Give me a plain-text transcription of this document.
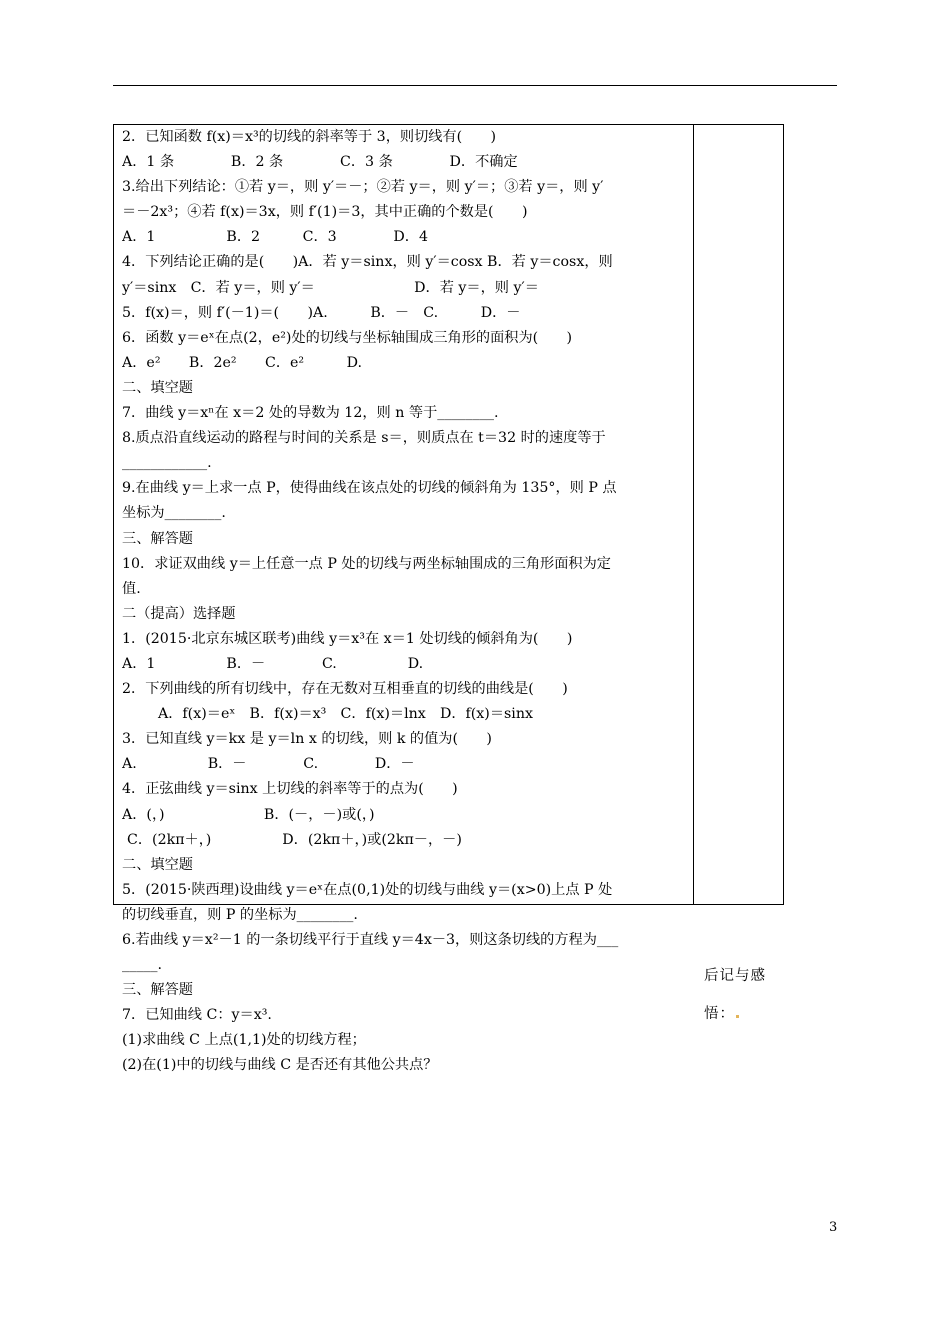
2．已知函数 f(x)＝x³的切线的斜率等于 3，则切线有(　　)
A．1 条　　　　B．2 条　　　　C．3 条　　　　D．不确定
3.给出下列结论：①若 y＝，则 y′＝－；②若 y＝，则 y′＝；③若 y＝，则 y′
＝－2x³；④若 f(x)＝3x，则 f′(1)＝3，其中正确的个数是(　　)
A．1　　　　　B．2　　　C．3　　　　D．4
4．下列结论正确的是(　　)A．若 y＝sinx，则 y′＝cosx B．若 y＝cosx，则
y′＝sinx　C．若 y＝，则 y′＝　　　　　　　D．若 y＝，则 y′＝
5．f(x)＝，则 f′(－1)＝(　　)A.　　　B．－　C.　　　D．－
6．函数 y＝eˣ在点(2，e²)处的切线与坐标轴围成三角形的面积为(　　)
A．e²　　B．2e²　　C．e²　　　D.
二、填空题
7．曲线 y＝xⁿ在 x＝2 处的导数为 12，则 n 等于________.
8.质点沿直线运动的路程与时间的关系是 s＝，则质点在 t＝32 时的速度等于
____________.
9.在曲线 y＝上求一点 P，使得曲线在该点处的切线的倾斜角为 135°，则 P 点
坐标为________.
三、解答题
10．求证双曲线 y＝上任意一点 P 处的切线与两坐标轴围成的三角形面积为定
值.
二（提高）选择题
1．(2015·北京东城区联考)曲线 y＝x³在 x＝1 处切线的倾斜角为(　　)
A．1　　　　　B．－　　　　C.　　　　　D.
2．下列曲线的所有切线中，存在无数对互相垂直的切线的曲线是(　　)
A．f(x)＝eˣ　B．f(x)＝x³　C．f(x)＝lnx　D．f(x)＝sinx
3．已知直线 y＝kx 是 y＝ln x 的切线，则 k 的值为(　　)
A.　　　　　B．－　　　　C.　　　　D．－
4．正弦曲线 y＝sinx 上切线的斜率等于的点为(　　)
A．(，)　　　　　　　B．(－，－)或(，)
C．(2kπ＋，)　　　　　D．(2kπ＋，)或(2kπ－，－)
二、填空题
5．(2015·陕西理)设曲线 y＝eˣ在点(0,1)处的切线与曲线 y＝(x>0)上点 P 处
的切线垂直，则 P 的坐标为________.
6.若曲线 y＝x²－1 的一条切线平行于直线 y＝4x－3，则这条切线的方程为___
_____.
三、解答题
7．已知曲线 C：y＝x³.
(1)求曲线 C 上点(1,1)处的切线方程；
(2)在(1)中的切线与曲线 C 是否还有其他公共点？
后记与感
悟：
3
